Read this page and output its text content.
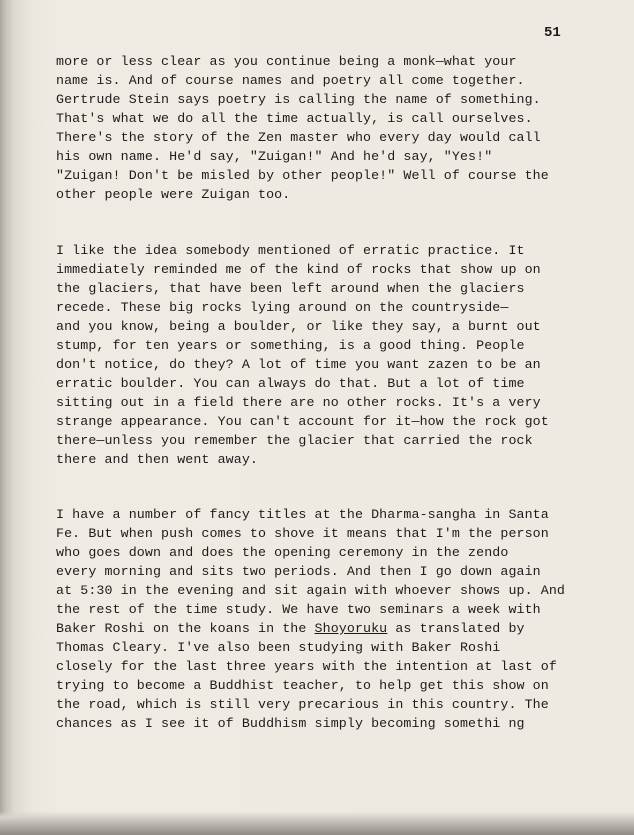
51
more or less clear as you continue being a monk—what your
name is. And of course names and poetry all come together.
Gertrude Stein says poetry is calling the name of something.
That's what we do all the time actually, is call ourselves.
There's the story of the Zen master who every day would call
his own name. He'd say, "Zuigan!" And he'd say, "Yes!"
"Zuigan! Don't be misled by other people!" Well of course the
other people were Zuigan too.
I like the idea somebody mentioned of erratic practice. It
immediately reminded me of the kind of rocks that show up on
the glaciers, that have been left around when the glaciers
recede. These big rocks lying around on the countryside—
and you know, being a boulder, or like they say, a burnt out
stump, for ten years or something, is a good thing. People
don't notice, do they? A lot of time you want zazen to be an
erratic boulder. You can always do that. But a lot of time
sitting out in a field there are no other rocks. It's a very
strange appearance. You can't account for it—how the rock got
there—unless you remember the glacier that carried the rock
there and then went away.
I have a number of fancy titles at the Dharma-sangha in Santa
Fe. But when push comes to shove it means that I'm the person
who goes down and does the opening ceremony in the zendo
every morning and sits two periods. And then I go down again
at 5:30 in the evening and sit again with whoever shows up. And
the rest of the time study. We have two seminars a week with
Baker Roshi on the koans in the Shoyoruku as translated by
Thomas Cleary. I've also been studying with Baker Roshi
closely for the last three years with the intention at last of
trying to become a Buddhist teacher, to help get this show on
the road, which is still very precarious in this country. The
chances as I see it of Buddhism simply becoming somethi ng
